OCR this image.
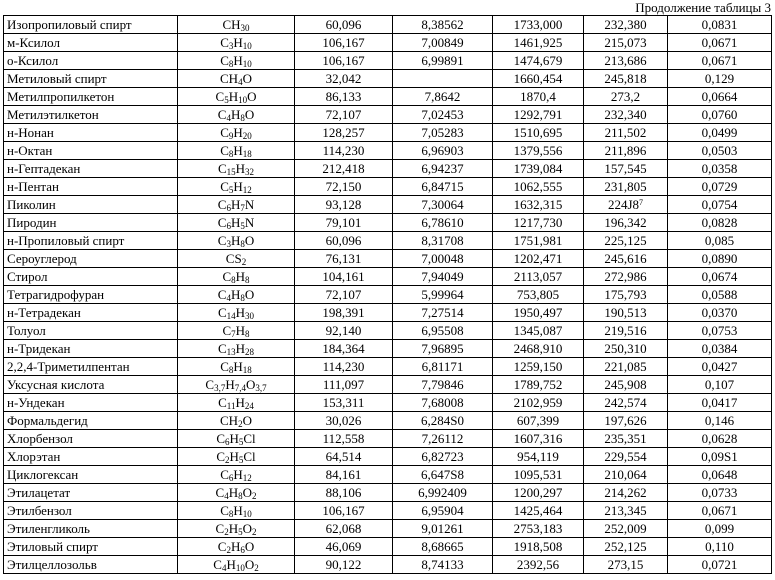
Продолжение таблицы 3
Изопропиловый спирт	$CH_{30}$	60,096	8,38562	1733,000	232,380	0,0831
м-Ксилол	$C_3H_{10}$	106,167	7,00849	1461,925	215,073	0,0671
о-Ксилол	$C_8H_{10}$	106,167	6,99891	1474,679	213,686	0,0671
Метиловый спирт	$CH_4O$	32,042		1660,454	245,818	0,129
Метилпропилкетон	$C_5H_{10}O$	86,133	7,8642	1870,4	273,2	0,0664
Метилэтилкетон	$C_4H_8O$	72,107	7,02453	1292,791	232,340	0,0760
н-Нонан	$C_9H_{20}$	128,257	7,05283	1510,695	211,502	0,0499
н-Октан	$C_8H_{18}$	114,230	6,96903	1379,556	211,896	0,0503
н-Гептадекан	$C_{15}H_{32}$	212,418	6,94237	1739,084	157,545	0,0358
н-Пентан	$C_5H_{12}$	72,150	6,84715	1062,555	231,805	0,0729
Пиколин	$C_6H_7N$	93,128	7,30064	1632,315	$224J8^7$	0,0754
Пиродин	$C_6H_5N$	79,101	6,78610	1217,730	196,342	0,0828
н-Пропиловый спирт	$C_3H_8O$	60,096	8,31708	1751,981	225,125	0,085
Сероуглерод	$CS_2$	76,131	7,00048	1202,471	245,616	0,0890
Стирол	$C_8H_8$	104,161	7,94049	2113,057	272,986	0,0674
Тетрагидрофуран	$C_4H_8O$	72,107	5,99964	753,805	175,793	0,0588
н-Тетрадекан	$C_{14}H_{30}$	198,391	7,27514	1950,497	190,513	0,0370
Толуол	$C_7H_8$	92,140	6,95508	1345,087	219,516	0,0753
н-Тридекан	$C_{13}H_{28}$	184,364	7,96895	2468,910	250,310	0,0384
2,2,4-Триметилпентан	$C_8H_{18}$	114,230	6,81171	1259,150	221,085	0,0427
Уксусная кислота	$C_{3,7}H_{7,4}O_{3,7}$	111,097	7,79846	1789,752	245,908	0,107
н-Ундекан	$C_{11}H_{24}$	153,311	7,68008	2102,959	242,574	0,0417
Формальдегид	$CH_2O$	30,026	6,284S0	607,399	197,626	0,146
Хлорбензол	$C_6H_5Cl$	112,558	7,26112	1607,316	235,351	0,0628
Хлорэтан	$C_2H_5Cl$	64,514	6,82723	954,119	229,554	0,09S1
Циклогексан	$C_6H_{12}$	84,161	6,647S8	1095,531	210,064	0,0648
Этилацетат	$C_4H_8O_2$	88,106	6,992409	1200,297	214,262	0,0733
Этилбензол	$C_8H_{10}$	106,167	6,95904	1425,464	213,345	0,0671
Этиленгликоль	$C_2H_5O_2$	62,068	9,01261	2753,183	252,009	0,099
Этиловый спирт	$C_2H_6O$	46,069	8,68665	1918,508	252,125	0,110
Этилцеллозольв	$C_4H_{10}O_2$	90,122	8,74133	2392,56	273,15	0,0721
